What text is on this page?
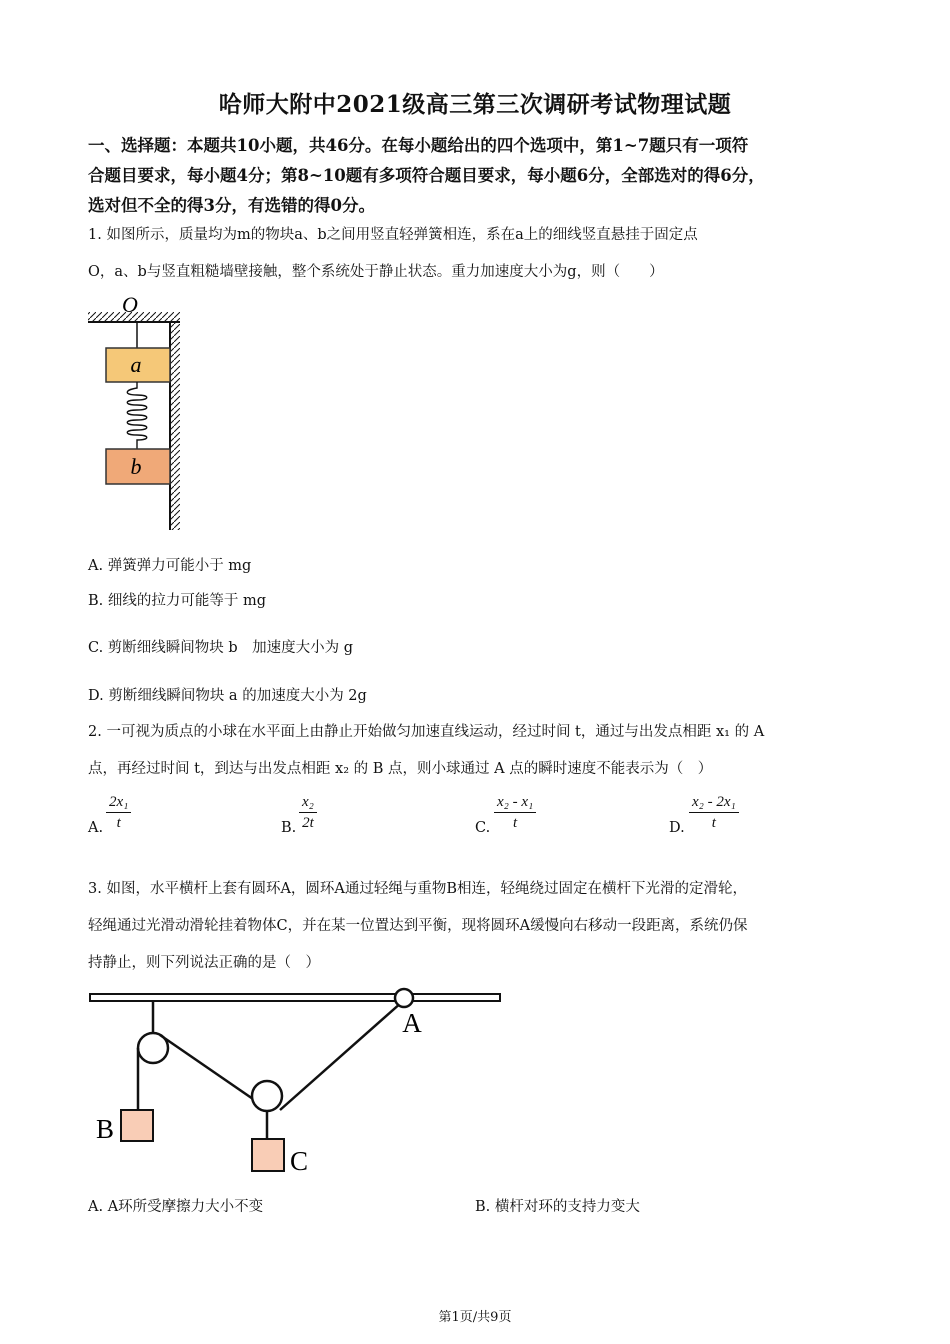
哈师大附中2021级高三第三次调研考试物理试题
一、选择题：本题共10小题，共46分。在每小题给出的四个选项中，第1~7题只有一项符
合题目要求，每小题4分；第8~10题有多项符合题目要求，每小题6分，全部选对的得6分，
选对但不全的得3分，有选错的得0分。
1. 如图所示，质量均为m的物块a、b之间用竖直轻弹簧相连，系在a上的细线竖直悬挂于固定点
O，a、b与竖直粗糙墙壁接触，整个系统处于静止状态。重力加速度大小为g，则（　　）
O
a
b
A. 弹簧弹力可能小于 mg
B. 细线的拉力可能等于 mg
C. 剪断细线瞬间物块 b　加速度大小为 g
D. 剪断细线瞬间物块 a 的加速度大小为 2g
2. 一可视为质点的小球在水平面上由静止开始做匀加速直线运动，经过时间 t，通过与出发点相距 x₁ 的 A
点，再经过时间 t，到达与出发点相距 x₂ 的 B 点，则小球通过 A 点的瞬时速度不能表示为（　）
A. $\frac{\text{2x₁}}{t}$	B. $\frac{\text{x₂}}{2t}$	C. $\frac{\text{x₂ - x₁}}{t}$	D. $\frac{\text{x₂ - 2x₁}}{t}$
3. 如图，水平横杆上套有圆环A，圆环A通过轻绳与重物B相连，轻绳绕过固定在横杆下光滑的定滑轮，
轻绳通过光滑动滑轮挂着物体C，并在某一位置达到平衡，现将圆环A缓慢向右移动一段距离，系统仍保
持静止，则下列说法正确的是（　）
A
B
C
A. A环所受摩擦力大小不变	B. 横杆对环的支持力变大
第1页/共9页
